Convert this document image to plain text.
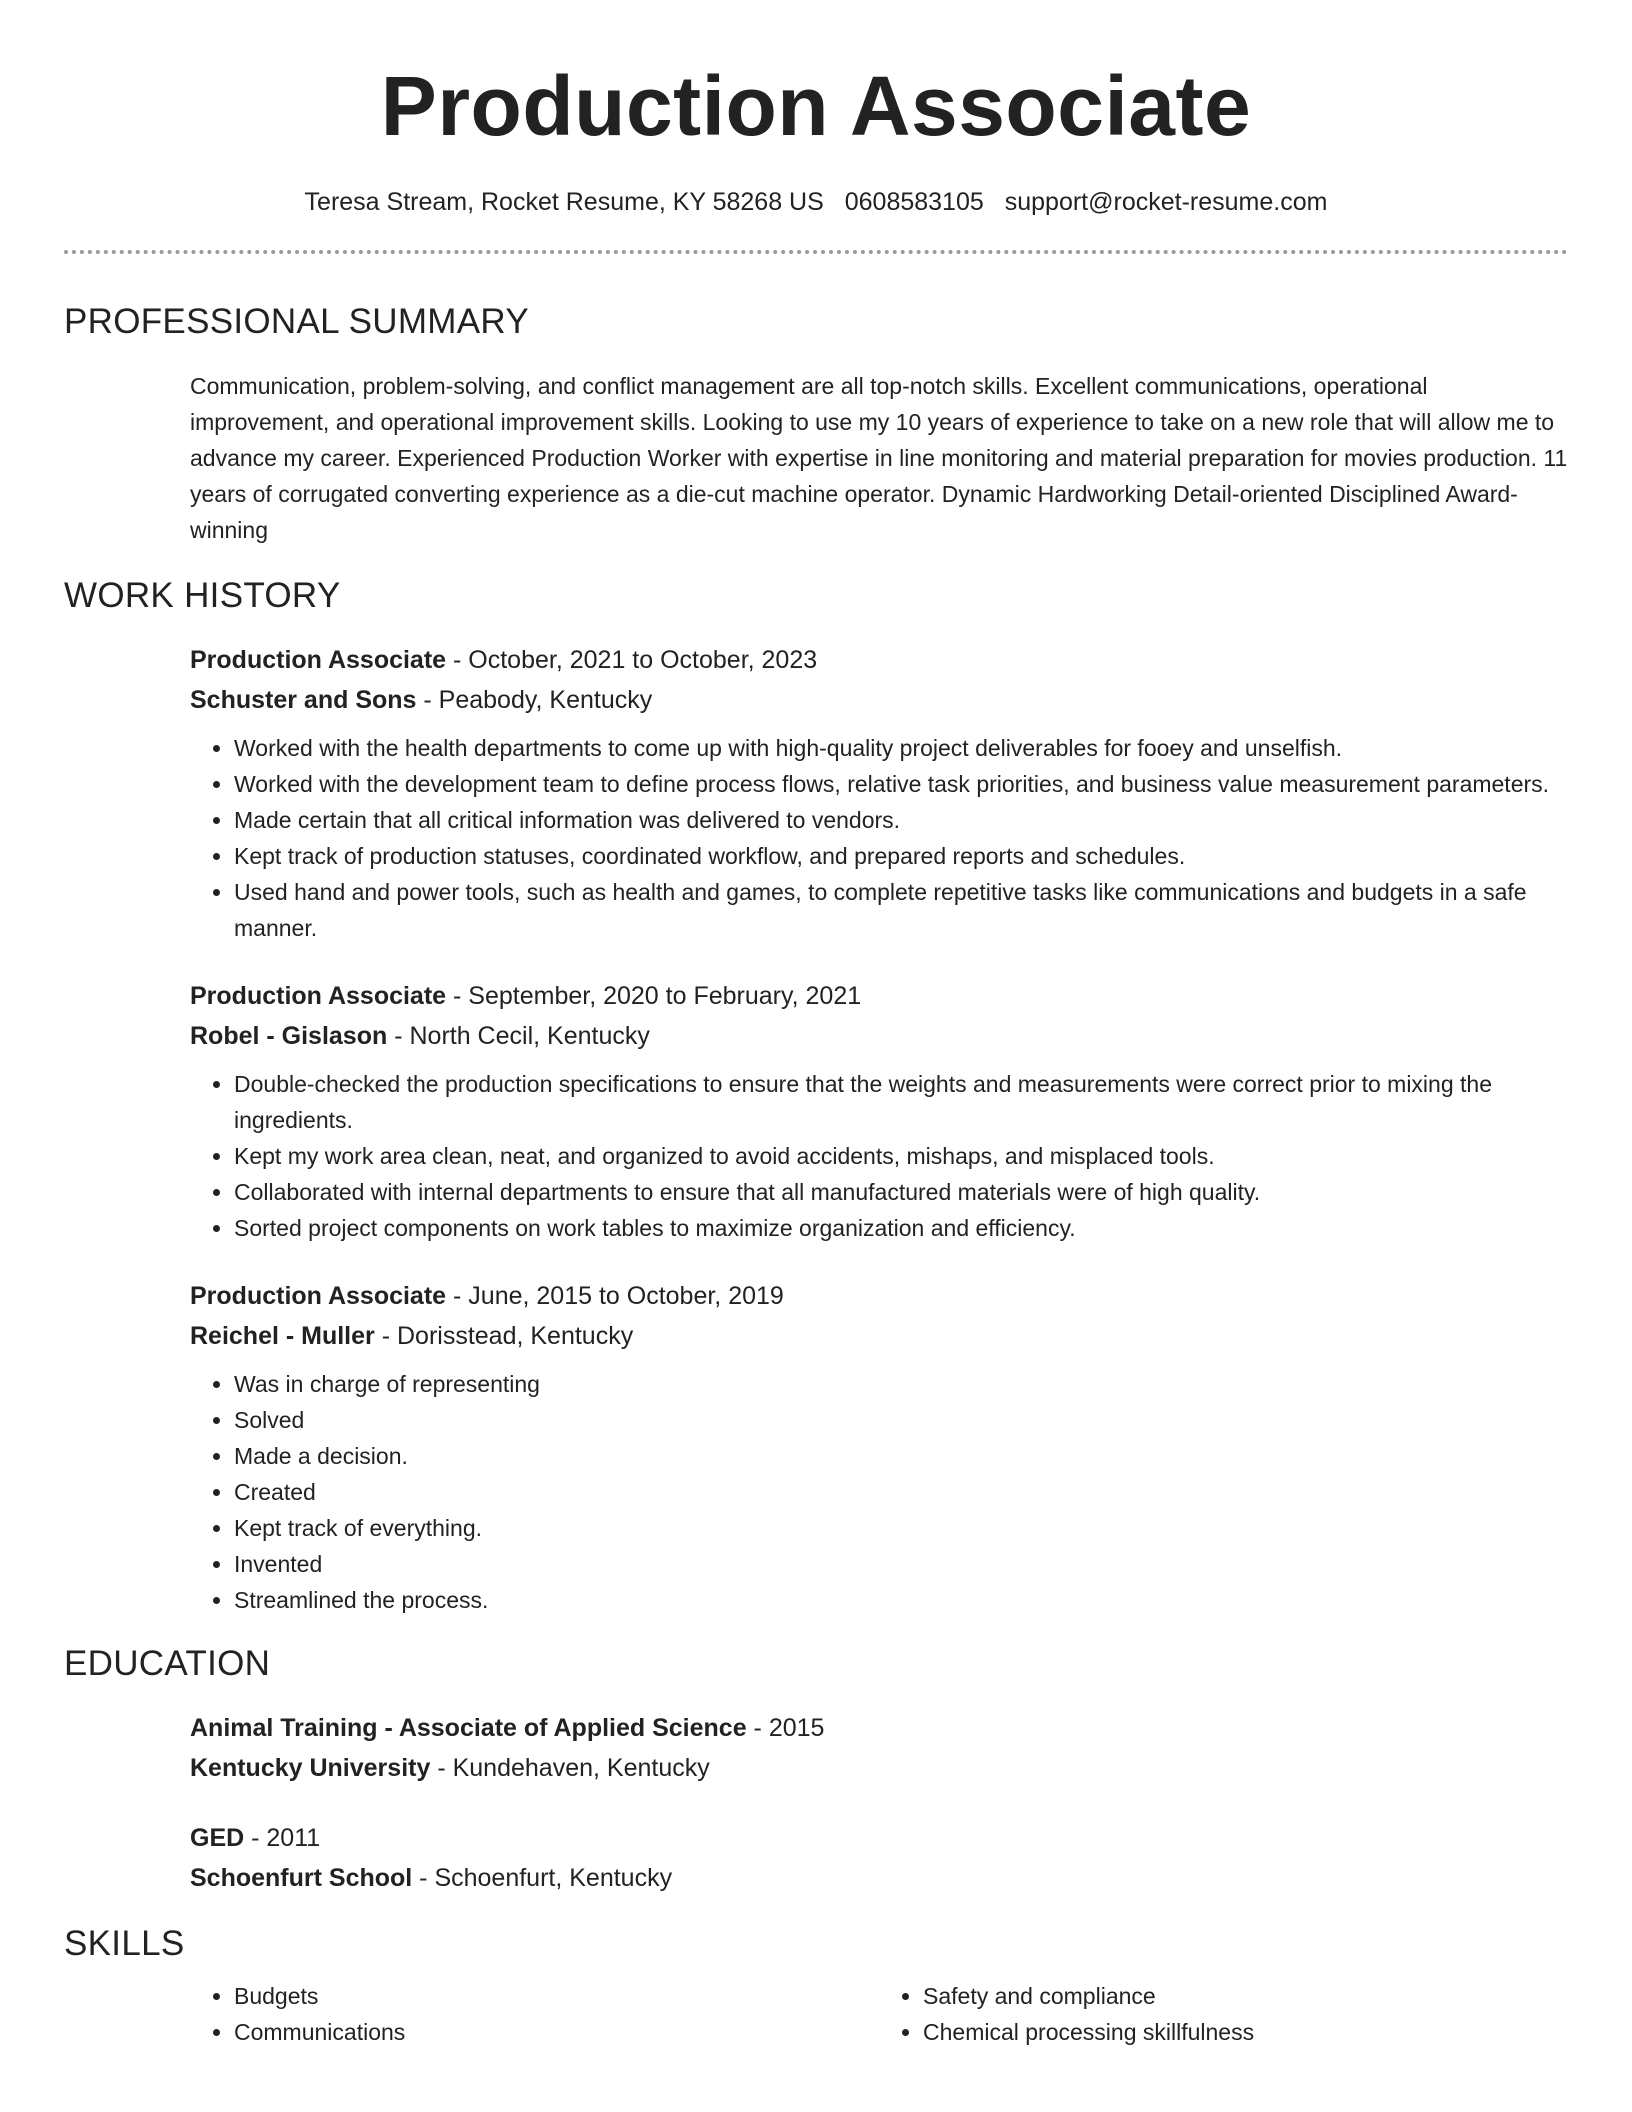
Production Associate
Teresa Stream, Rocket Resume, KY 58268 US 0608583105 support@rocket-resume.com
PROFESSIONAL SUMMARY
Communication, problem-solving, and conflict management are all top-notch skills. Excellent communications, operational improvement, and operational improvement skills. Looking to use my 10 years of experience to take on a new role that will allow me to advance my career. Experienced Production Worker with expertise in line monitoring and material preparation for movies production. 11 years of corrugated converting experience as a die-cut machine operator. Dynamic Hardworking Detail-oriented Disciplined Award-winning
WORK HISTORY
Production Associate - October, 2021 to October, 2023
Schuster and Sons - Peabody, Kentucky
• Worked with the health departments to come up with high-quality project deliverables for fooey and unselfish.
• Worked with the development team to define process flows, relative task priorities, and business value measurement parameters.
• Made certain that all critical information was delivered to vendors.
• Kept track of production statuses, coordinated workflow, and prepared reports and schedules.
• Used hand and power tools, such as health and games, to complete repetitive tasks like communications and budgets in a safe manner.
Production Associate - September, 2020 to February, 2021
Robel - Gislason - North Cecil, Kentucky
• Double-checked the production specifications to ensure that the weights and measurements were correct prior to mixing the ingredients.
• Kept my work area clean, neat, and organized to avoid accidents, mishaps, and misplaced tools.
• Collaborated with internal departments to ensure that all manufactured materials were of high quality.
• Sorted project components on work tables to maximize organization and efficiency.
Production Associate - June, 2015 to October, 2019
Reichel - Muller - Dorisstead, Kentucky
• Was in charge of representing
• Solved
• Made a decision.
• Created
• Kept track of everything.
• Invented
• Streamlined the process.
EDUCATION
Animal Training - Associate of Applied Science - 2015
Kentucky University - Kundehaven, Kentucky
GED - 2011
Schoenfurt School - Schoenfurt, Kentucky
SKILLS
• Budgets
• Communications
• Safety and compliance
• Chemical processing skillfulness
